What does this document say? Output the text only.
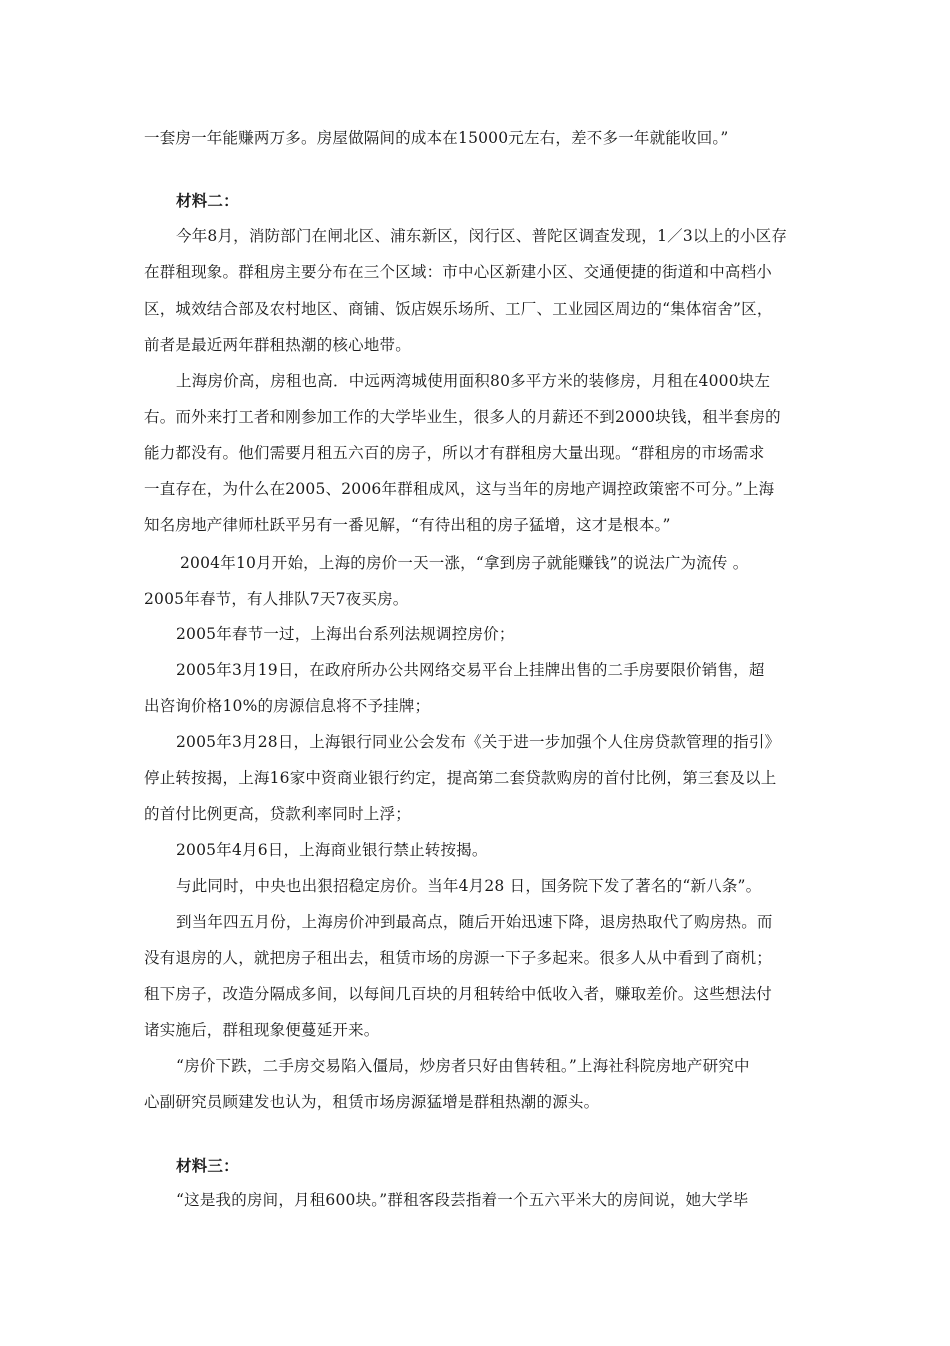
一套房一年能赚两万多。房屋做隔间的成本在15000元左右，差不多一年就能收回。”
材料二：
今年8月，消防部门在闸北区、浦东新区，闵行区、普陀区调查发现，1／3以上的小区存
在群租现象。群租房主要分布在三个区域：市中心区新建小区、交通便捷的街道和中高档小
区，城效结合部及农村地区、商铺、饭店娱乐场所、工厂、工业园区周边的“集体宿舍”区，
前者是最近两年群租热潮的核心地带。
上海房价高，房租也高．中远两湾城使用面积80多平方米的装修房，月租在4000块左
右。而外来打工者和刚参加工作的大学毕业生，很多人的月薪还不到2000块钱，租半套房的
能力都没有。他们需要月租五六百的房子，所以才有群租房大量出现。“群租房的市场需求
一直存在，为什么在2005、2006年群租成风，这与当年的房地产调控政策密不可分。”上海
知名房地产律师杜跃平另有一番见解，“有待出租的房子猛增，这才是根本。”
2004年10月开始，上海的房价一天一涨，“拿到房子就能赚钱”的说法广为流传 。
2005年春节，有人排队7天7夜买房。
2005年春节一过，上海出台系列法规调控房价；
2005年3月19日，在政府所办公共网络交易平台上挂牌出售的二手房要限价销售，超
出咨询价格10%的房源信息将不予挂牌；
2005年3月28日，上海银行同业公会发布《关于进一步加强个人住房贷款管理的指引》
停止转按揭，上海16家中资商业银行约定，提高第二套贷款购房的首付比例，第三套及以上
的首付比例更高，贷款利率同时上浮；
2005年4月6日，上海商业银行禁止转按揭。
与此同时，中央也出狠招稳定房价。当年4月28 日，国务院下发了著名的“新八条”。
到当年四五月份，上海房价冲到最高点，随后开始迅速下降，退房热取代了购房热。而
没有退房的人，就把房子租出去，租赁市场的房源一下子多起来。很多人从中看到了商机；
租下房子，改造分隔成多间，以每间几百块的月租转给中低收入者，赚取差价。这些想法付
诸实施后，群租现象便蔓延开来。
“房价下跌，二手房交易陷入僵局，炒房者只好由售转租。”上海社科院房地产研究中
心副研究员顾建发也认为，租赁市场房源猛增是群租热潮的源头。
材料三：
“这是我的房间，月租600块。”群租客段芸指着一个五六平米大的房间说，她大学毕
